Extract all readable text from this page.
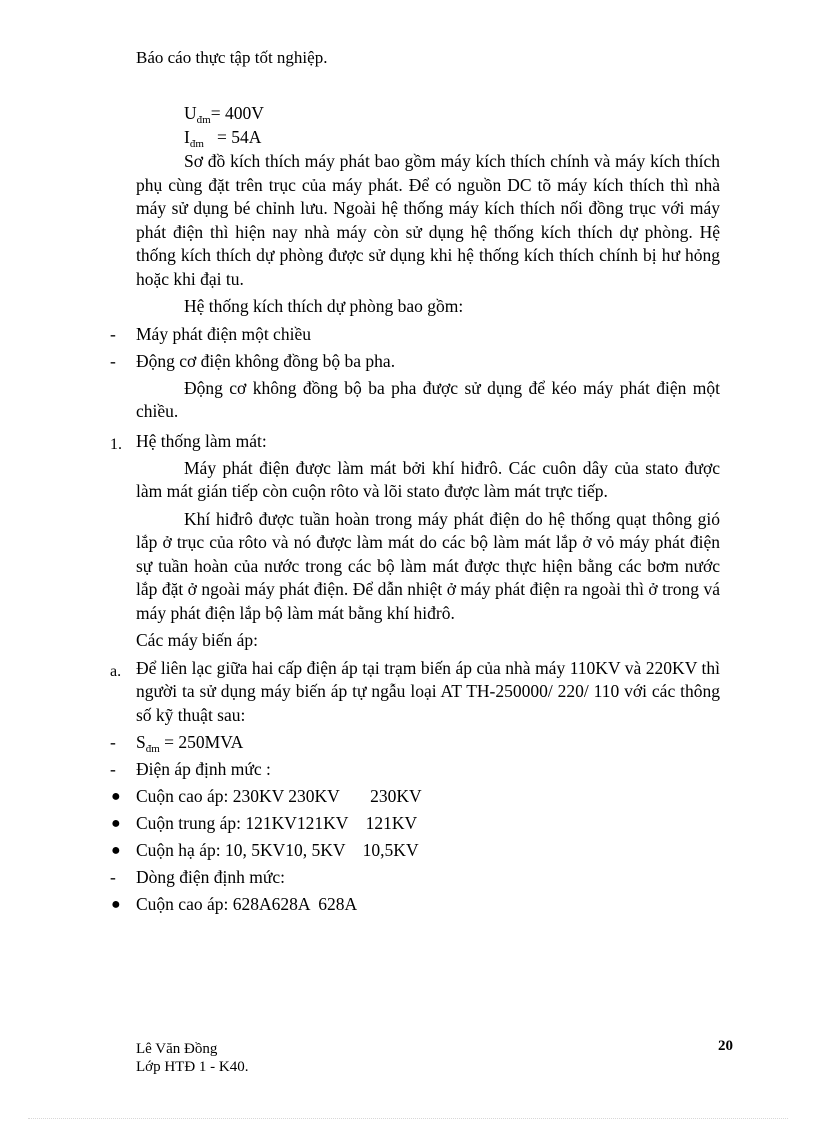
Báo cáo thực tập tốt nghiệp.
$U_{đm}= 400V$
$I_{đm} = 54A$

Sơ đồ kích thích máy phát bao gồm máy kích thích chính và máy kích thích phụ cùng đặt trên trục của máy phát. Để có nguồn DC tõ máy kích thích thì nhà máy sử dụng bé chỉnh lưu. Ngoài hệ thống máy kích thích nối đồng trục với máy phát điện thì hiện nay nhà máy còn sử dụng hệ thống kích thích dự phòng. Hệ thống kích thích dự phòng được sử dụng khi hệ thống kích thích chính bị hư hỏng hoặc khi đại tu.

Hệ thống kích thích dự phòng bao gồm:

- Máy phát điện một chiều
- Động cơ điện không đồng bộ ba pha.

Động cơ không đồng bộ ba pha được sử dụng để kéo máy phát điện một chiều.

1. Hệ thống làm mát:

Máy phát điện được làm mát bởi khí hiđrô. Các cuôn dây của stato được làm mát gián tiếp còn cuộn rôto và lõi stato được làm mát trực tiếp.

Khí hiđrô được tuần hoàn trong máy phát điện do hệ thống quạt thông gió lắp ở trục của rôto và nó được làm mát do các bộ làm mát lắp ở vỏ máy phát điện sự tuần hoàn của nước trong các bộ làm mát được thực hiện bằng các bơm nước lắp đặt ở ngoài máy phát điện. Để dẫn nhiệt ở máy phát điện ra ngoài thì ở trong vá máy phát điện lắp bộ làm mát bằng khí hiđrô.

Các máy biến áp:

a. Để liên lạc giữa hai cấp điện áp tại trạm biến áp của nhà máy 110KV và 220KV thì người ta sử dụng máy biến áp tự ngẫu loại AT TH-250000/ 220/ 110 với các thông số kỹ thuật sau:

- $S_{đm} = 250MVA$
- Điện áp định mức :
● Cuộn cao áp: 230KV 230KV       230KV
● Cuộn trung áp: 121KV121KV    121KV
● Cuộn hạ áp: 10, 5KV10, 5KV    10,5KV
- Dòng điện định mức:
● Cuộn cao áp: 628A628A  628A
Lê Văn Đồng
Lớp HTĐ 1 - K40.
20
